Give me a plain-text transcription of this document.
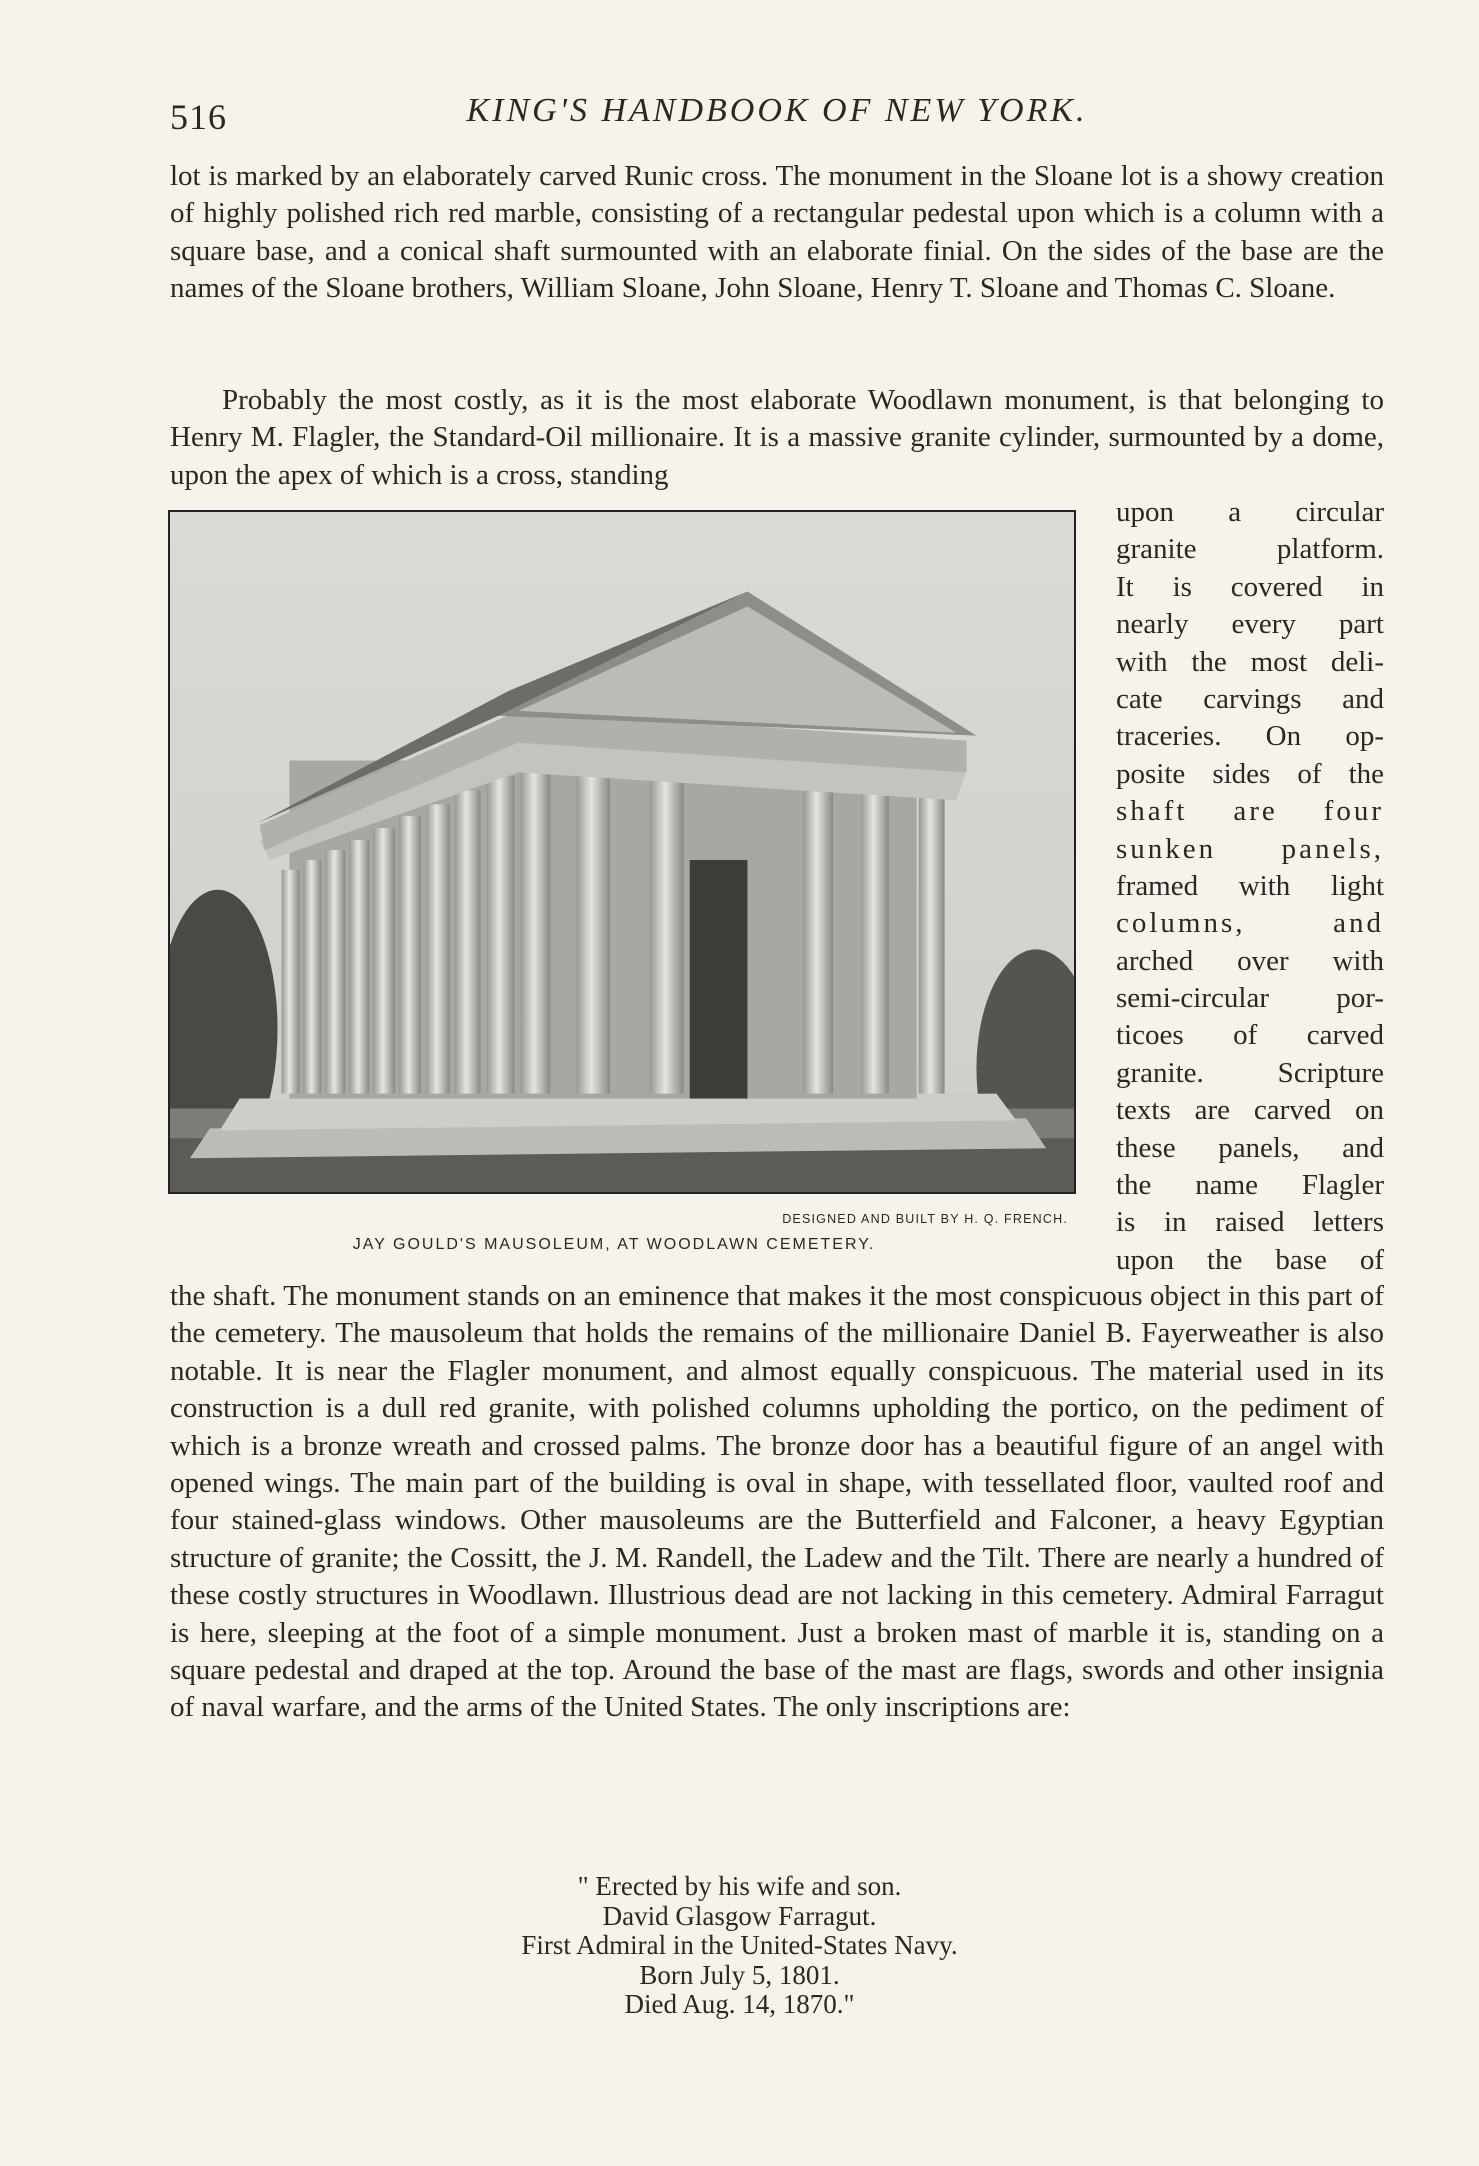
516	KING'S HANDBOOK OF NEW YORK.

lot is marked by an elaborately carved Runic cross. The monument in the Sloane lot is a showy creation of highly polished rich red marble, consisting of a rectangular pedestal upon which is a column with a square base, and a conical shaft surmounted with an elaborate finial. On the sides of the base are the names of the Sloane brothers, William Sloane, John Sloane, Henry T. Sloane and Thomas C. Sloane.

Probably the most costly, as it is the most elaborate Woodlawn monument, is that belonging to Henry M. Flagler, the Standard-Oil millionaire. It is a massive granite cylinder, surmounted by a dome, upon the apex of which is a cross, standing

DESIGNED AND BUILT BY H. Q. FRENCH.
JAY GOULD'S MAUSOLEUM, AT WOODLAWN CEMETERY.
upon a circular
granite platform.
It is covered in
nearly every part
with the most deli-
cate carvings and
traceries. On op-
posite sides of the
shaft are four
sunken panels,
framed with light
columns, and
arched over with
semi-circular por-
ticoes of carved
granite. Scripture
texts are carved on
these panels, and
the name Flagler
is in raised letters
upon the base of

the shaft. The monument stands on an eminence that makes it the most conspicuous object in this part of the cemetery. The mausoleum that holds the remains of the millionaire Daniel B. Fayerweather is also notable. It is near the Flagler monument, and almost equally conspicuous. The material used in its construction is a dull red granite, with polished columns upholding the portico, on the pediment of which is a bronze wreath and crossed palms. The bronze door has a beautiful figure of an angel with opened wings. The main part of the building is oval in shape, with tessellated floor, vaulted roof and four stained-glass windows. Other mausoleums are the Butterfield and Falconer, a heavy Egyptian structure of granite; the Cossitt, the J. M. Randell, the Ladew and the Tilt. There are nearly a hundred of these costly structures in Woodlawn. Illustrious dead are not lacking in this cemetery. Admiral Farragut is here, sleeping at the foot of a simple monument. Just a broken mast of marble it is, standing on a square pedestal and draped at the top. Around the base of the mast are flags, swords and other insignia of naval warfare, and the arms of the United States. The only inscriptions are:

" Erected by his wife and son.
David Glasgow Farragut.
First Admiral in the United-States Navy.
Born July 5, 1801.
Died Aug. 14, 1870."
